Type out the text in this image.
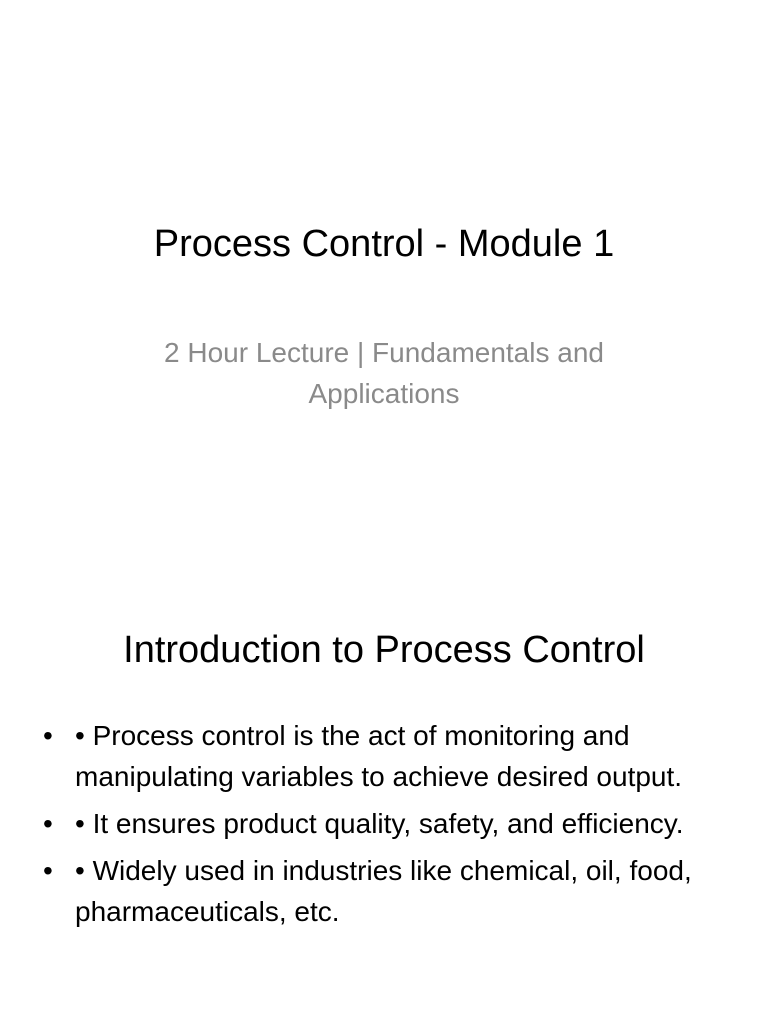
Process Control - Module 1

2 Hour Lecture | Fundamentals and Applications

Introduction to Process Control
• • Process control is the act of monitoring and manipulating variables to achieve desired output.
• • It ensures product quality, safety, and efficiency.
• • Widely used in industries like chemical, oil, food, pharmaceuticals, etc.
